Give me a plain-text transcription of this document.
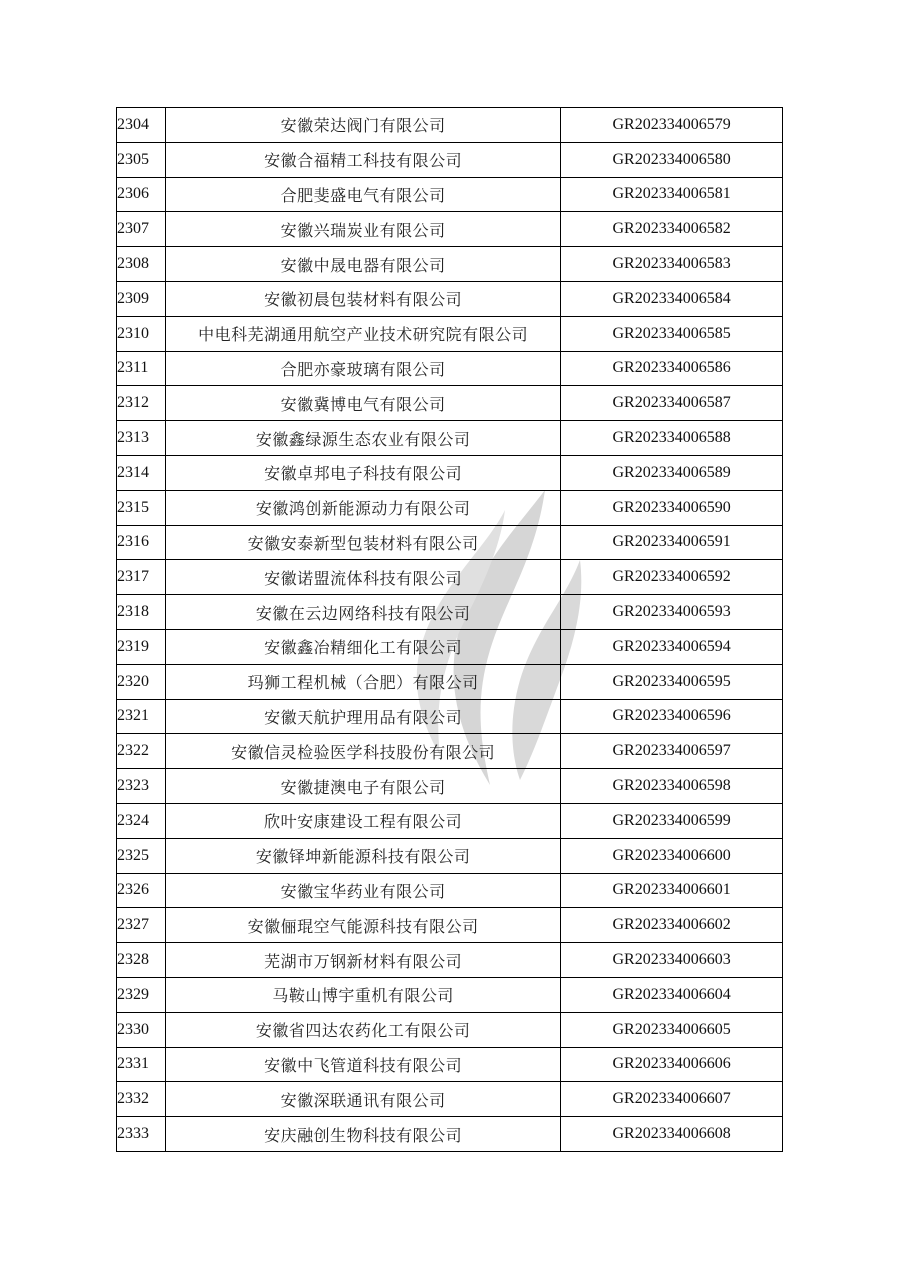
2304	安徽荣达阀门有限公司	GR202334006579
2305	安徽合福精工科技有限公司	GR202334006580
2306	合肥斐盛电气有限公司	GR202334006581
2307	安徽兴瑞炭业有限公司	GR202334006582
2308	安徽中晟电器有限公司	GR202334006583
2309	安徽初晨包装材料有限公司	GR202334006584
2310	中电科芜湖通用航空产业技术研究院有限公司	GR202334006585
2311	合肥亦豪玻璃有限公司	GR202334006586
2312	安徽冀博电气有限公司	GR202334006587
2313	安徽鑫绿源生态农业有限公司	GR202334006588
2314	安徽卓邦电子科技有限公司	GR202334006589
2315	安徽鸿创新能源动力有限公司	GR202334006590
2316	安徽安泰新型包装材料有限公司	GR202334006591
2317	安徽诺盟流体科技有限公司	GR202334006592
2318	安徽在云边网络科技有限公司	GR202334006593
2319	安徽鑫冶精细化工有限公司	GR202334006594
2320	玛狮工程机械（合肥）有限公司	GR202334006595
2321	安徽天航护理用品有限公司	GR202334006596
2322	安徽信灵检验医学科技股份有限公司	GR202334006597
2323	安徽捷澳电子有限公司	GR202334006598
2324	欣叶安康建设工程有限公司	GR202334006599
2325	安徽铎坤新能源科技有限公司	GR202334006600
2326	安徽宝华药业有限公司	GR202334006601
2327	安徽俪琨空气能源科技有限公司	GR202334006602
2328	芜湖市万钢新材料有限公司	GR202334006603
2329	马鞍山博宇重机有限公司	GR202334006604
2330	安徽省四达农药化工有限公司	GR202334006605
2331	安徽中飞管道科技有限公司	GR202334006606
2332	安徽深联通讯有限公司	GR202334006607
2333	安庆融创生物科技有限公司	GR202334006608
